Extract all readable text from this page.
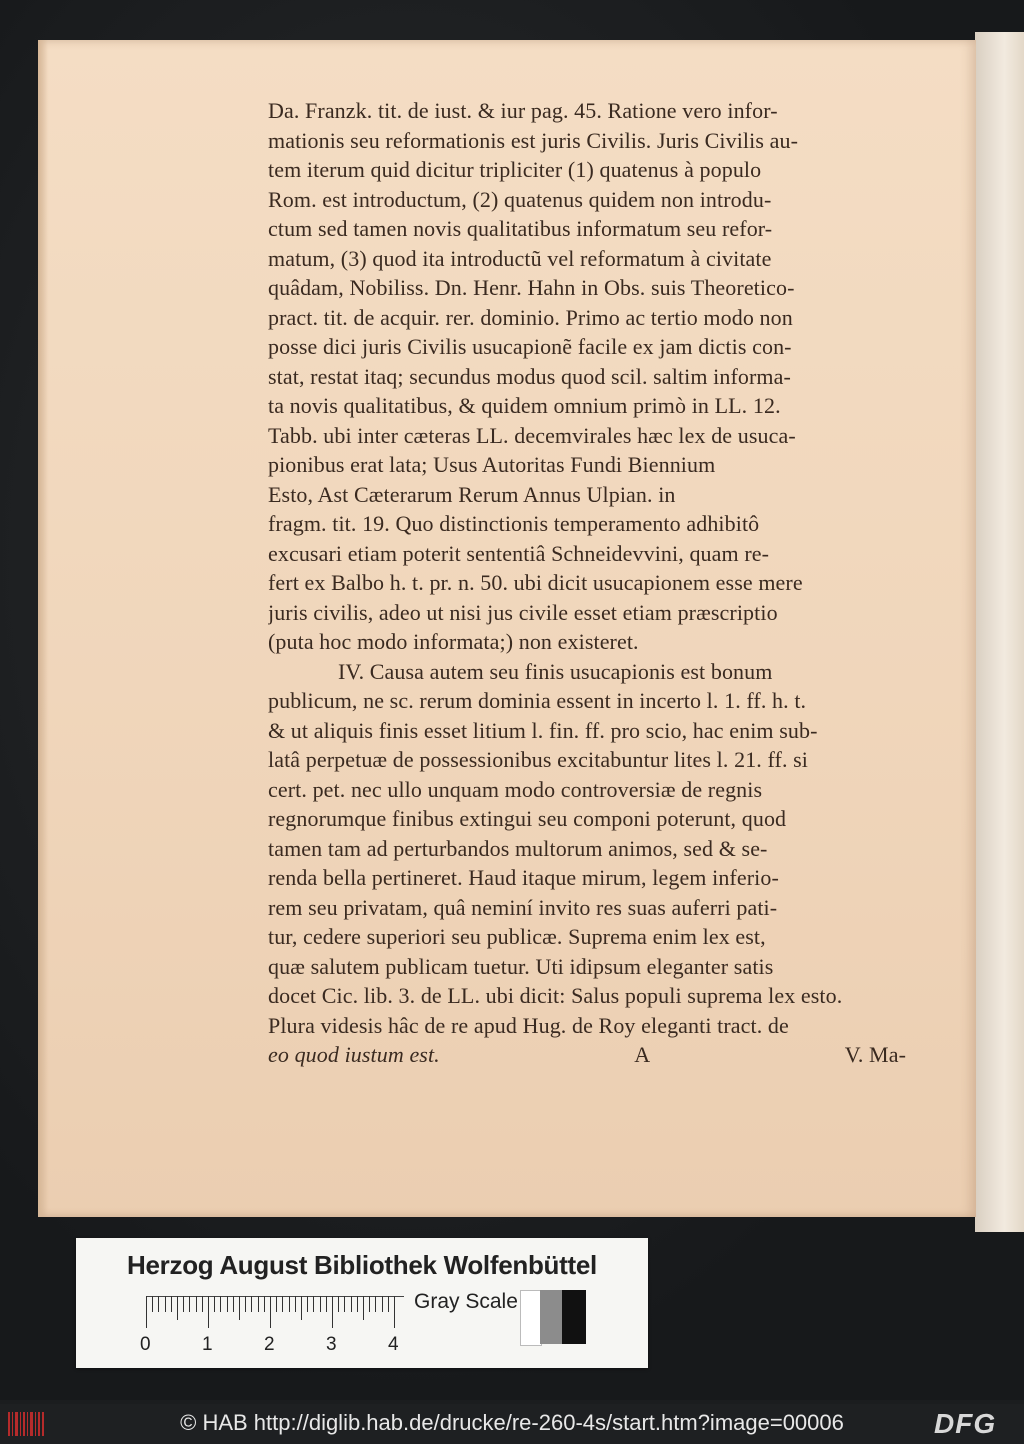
Da. Franzk. tit. de iust. & iur pag. 45. Ratione vero infor-
mationis seu reformationis est juris Civilis. Juris Civilis au-
tem iterum quid dicitur tripliciter (1) quatenus à populo
Rom. est introductum, (2) quatenus quidem non introdu-
ctum sed tamen novis qualitatibus informatum seu refor-
matum, (3) quod ita introductũ vel reformatum à civitate
quâdam, Nobiliss. Dn. Henr. Hahn in Obs. suis Theoretico-
pract. tit. de acquir. rer. dominio. Primo ac tertio modo non
posse dici juris Civilis usucapionẽ facile ex jam dictis con-
stat, restat itaq; secundus modus quod scil. saltim informa-
ta novis qualitatibus, & quidem omnium primò in LL. 12.
Tabb. ubi inter cæteras LL. decemvirales hæc lex de usuca-
pionibus erat lata; Usus Autoritas Fundi Biennium
Esto, Ast Cæterarum Rerum Annus Ulpian. in
fragm. tit. 19. Quo distinctionis temperamento adhibitô
excusari etiam poterit sententiâ Schneidevvini, quam re-
fert ex Balbo h. t. pr. n. 50. ubi dicit usucapionem esse mere
juris civilis, adeo ut nisi jus civile esset etiam præscriptio
(puta hoc modo informata;) non existeret.
IV. Causa autem seu finis usucapionis est bonum
publicum, ne sc. rerum dominia essent in incerto l. 1. ff. h. t.
& ut aliquis finis esset litium l. fin. ff. pro scio, hac enim sub-
latâ perpetuæ de possessionibus excitabuntur lites l. 21. ff. si
cert. pet. nec ullo unquam modo controversiæ de regnis
regnorumque finibus extingui seu componi poterunt, quod
tamen tam ad perturbandos multorum animos, sed & se-
renda bella pertineret. Haud itaque mirum, legem inferio-
rem seu privatam, quâ neminí invito res suas auferri pati-
tur, cedere superiori seu publicæ. Suprema enim lex est,
quæ salutem publicam tuetur. Uti idipsum eleganter satis
docet Cic. lib. 3. de LL. ubi dicit: Salus populi suprema lex esto.
Plura videsis hâc de re apud Hug. de Roy eleganti tract. de
eo quod iustum est.	A	V. Ma-
Herzog August Bibliothek Wolfenbüttel
Gray Scale
0	1	2	3	4
© HAB http://diglib.hab.de/drucke/re-260-4s/start.htm?image=00006	DFG
